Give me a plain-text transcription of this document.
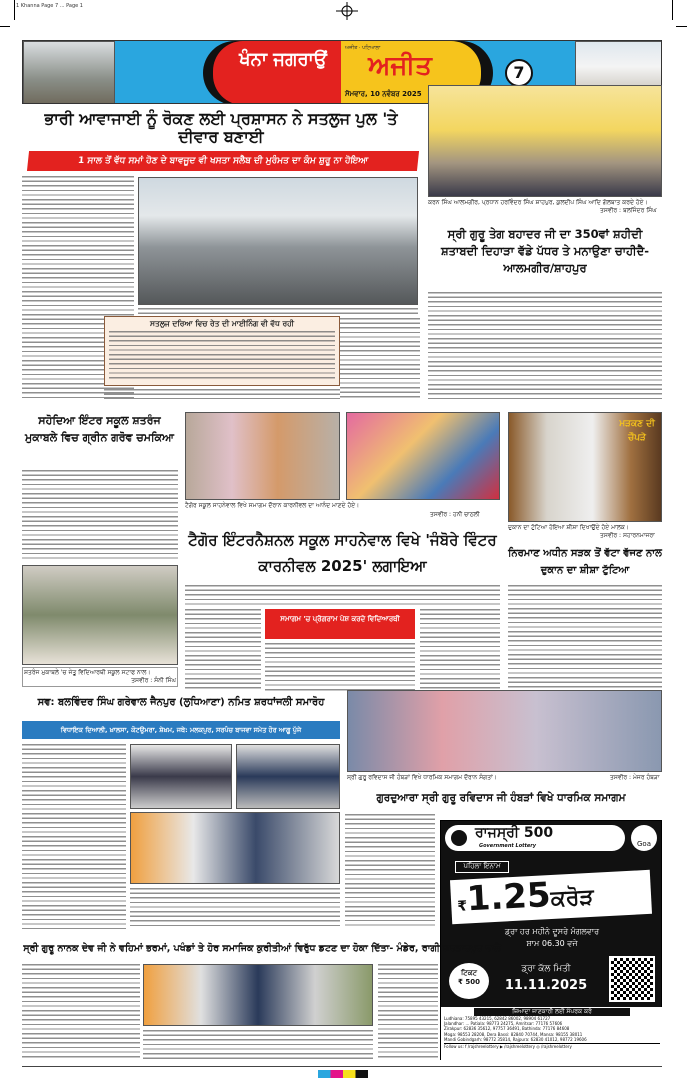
1 Khanna Page 7 ... Page 1
ਖੰਨਾ ਜਗਰਾਉਂ
ਅਜੀਤ · ਪਟਿਆਲਾ
ਅਜੀਤ
ਸੋਮਵਾਰ, 10 ਨਵੰਬਰ 2025
7
ਭਾਰੀ ਆਵਾਜਾਈ ਨੂੰ ਰੋਕਣ ਲਈ ਪ੍ਰਸ਼ਾਸਨ ਨੇ ਸਤਲੁਜ ਪੁਲ 'ਤੇ ਦੀਵਾਰ ਬਣਾਈ
1 ਸਾਲ ਤੋਂ ਵੱਧ ਸਮਾਂ ਹੋਣ ਦੇ ਬਾਵਜੂਦ ਵੀ ਖਸਤਾ ਸਲੈਬ ਦੀ ਮੁਰੰਮਤ ਦਾ ਕੰਮ ਸ਼ੁਰੂ ਨਾ ਹੋਇਆ
ਸਤਲੁਜ ਦਰਿਆ ਵਿਚ ਰੇਤ ਦੀ ਮਾਈਨਿੰਗ ਵੀ ਵੱਧ ਰਹੀ
ਕਰਨ ਸਿੰਘ ਆਲਮਗੀਰ, ਪ੍ਰਧਾਨ ਹਰਵਿੰਦਰ ਸਿੰਘ ਸ਼ਾਹਪੁਰ, ਕੁਲਦੀਪ ਸਿੰਘ ਆਦਿ ਗੱਲਬਾਤ ਕਰਦੇ ਹੋਏ।
ਤਸਵੀਰ : ਬਲਜਿੰਦਰ ਸਿੰਘ
ਸ੍ਰੀ ਗੁਰੂ ਤੇਗ ਬਹਾਦਰ ਜੀ ਦਾ 350ਵਾਂ ਸ਼ਹੀਦੀ ਸ਼ਤਾਬਦੀ ਦਿਹਾੜਾ ਵੱਡੇ ਪੱਧਰ ਤੇ ਮਨਾਉਣਾ ਚਾਹੀਦੈ-ਆਲਮਗੀਰ/ਸ਼ਾਹਪੁਰ
ਸਹੋਦਿਆ ਇੰਟਰ ਸਕੂਲ ਸ਼ਤਰੰਜ ਮੁਕਾਬਲੇ ਵਿਚ ਗ੍ਰੀਨ ਗਰੋਵ ਚਮਕਿਆ
ਸ਼ਤਰੰਜ ਮੁਕਾਬਲੇ 'ਚ ਜੇਤੂ ਵਿਦਿਆਰਥੀ ਸਕੂਲ ਸਟਾਫ ਨਾਲ।
ਤਸਵੀਰ : ਸੰਨੀ ਸਿੰਘ
ਟੈਗੋਰ ਸਕੂਲ ਸਾਹਨੇਵਾਲ ਵਿਖੇ ਸਮਾਗਮ ਦੌਰਾਨ ਕਾਰਨੀਵਲ ਦਾ ਆਨੰਦ ਮਾਣਦੇ ਹੋਏ।
ਤਸਵੀਰ : ਹਨੀ ਚਾਠਲੀ
ਟੈਗੋਰ ਇੰਟਰਨੈਸ਼ਨਲ ਸਕੂਲ ਸਾਹਨੇਵਾਲ ਵਿਖੇ 'ਜੰਬੋਰੇ ਵਿੰਟਰ ਕਾਰਨੀਵਲ 2025' ਲਗਾਇਆ
ਸਮਾਗਮ 'ਚ ਪ੍ਰੋਗਰਾਮ ਪੇਸ਼ ਕਰਦੇ ਵਿਦਿਆਰਥੀ
ਮੜਕਣ ਦੀ ਚੌਪੜੇ
ਦੁਕਾਨ ਦਾ ਟੁੱਟਿਆ ਹੋਇਆ ਸ਼ੀਸ਼ਾ ਦਿਖਾਉਂਦੇ ਹੋਏ ਮਾਲਕ।
ਤਸਵੀਰ : ਸਹਾਰਨਮਾਜਰਾ
ਨਿਰਮਾਣ ਅਧੀਨ ਸੜਕ ਤੋਂ ਵੱਟਾ ਵੱਜਣ ਨਾਲ ਦੁਕਾਨ ਦਾ ਸ਼ੀਸ਼ਾ ਟੁੱਟਿਆ
ਸਵ: ਬਲਵਿੰਦਰ ਸਿੰਘ ਗਰੇਵਾਲ ਜੈਨਪੁਰ (ਲੁਧਿਆਣਾ) ਨਮਿਤ ਸ਼ਰਧਾਂਜਲੀ ਸਮਾਰੋਹ
ਵਿਧਾਇਕ ਦਿਆਲੀ, ਖ਼ਾਲਸਾ, ਕੋਟਉਮਰਾ, ਸ਼ੇਖ਼ਮ, ਜਥੇ: ਮਲਕਪੁਰ, ਸਰਪੰਚ ਬਾਜਵਾ ਸਮੇਤ ਹੋਰ ਆਗੂ ਪੁੱਜੇ
ਸ੍ਰੀ ਗੁਰੂ ਰਵਿਦਾਸ ਜੀ ਹੰਬੜਾਂ ਵਿਖੇ ਧਾਰਮਿਕ ਸਮਾਗਮ ਦੌਰਾਨ ਸੰਗਤਾਂ।	ਤਸਵੀਰ : ਮੇਜਰ ਹੰਬੜਾ
ਗੁਰਦੁਆਰਾ ਸ੍ਰੀ ਗੁਰੂ ਰਵਿਦਾਸ ਜੀ ਹੰਬੜਾਂ ਵਿਖੇ ਧਾਰਮਿਕ ਸਮਾਗਮ
ਰਾਜਸ੍ਰੀ 500
Government Lottery	Goa
ਪਹਿਲਾ ਇਨਾਮ
₹1.25ਕਰੋੜ
ਡ੍ਰਾ ਹਰ ਮਹੀਨੇ ਦੂਸਰੇ ਮੰਗਲਵਾਰ
ਸ਼ਾਮ 06.30 ਵਜੇ
ਟਿਕਟ
₹ 500
ਡ੍ਰਾ ਕੱਲ ਮਿਤੀ
11.11.2025
ਜ਼ਿਆਦਾ ਜਾਣਕਾਰੀ ਲਈ ਸੰਪਰਕ ਕਰੋ
Ludhiana: 75895 43215, 62842 86002, 98904 61727
Jalandhar: ... Patiala: 98773 24275, Amritsar: 77176 57606
Zirakpur: 62836 35612, 97757 36491, Bathinda: 77176 84608
Moga: 98553 28208, Dera Bassi: 82840 70744, Mansa: 98155 38011
Mandi Gobindgarh: 98772 35814, Rajpura: 62830 41012, 98772 19606
Follow us: f /rajshreelottery ▶ /rajshreelottery ◎ /rajshreelottery
ਸ੍ਰੀ ਗੁਰੂ ਨਾਨਕ ਦੇਵ ਜੀ ਨੇ ਵਹਿਮਾਂ ਭਰਮਾਂ, ਪਖੰਡਾਂ ਤੇ ਹੋਰ ਸਮਾਜਿਕ ਕੁਰੀਤੀਆਂ ਵਿਰੁੱਧ ਡਟਣ ਦਾ ਹੋਕਾ ਦਿੱਤਾ- ਮੰਡੇਰ, ਰਾਗੀ ਕਰਤਾਰਪੁਰ ਵਾਲੇ
